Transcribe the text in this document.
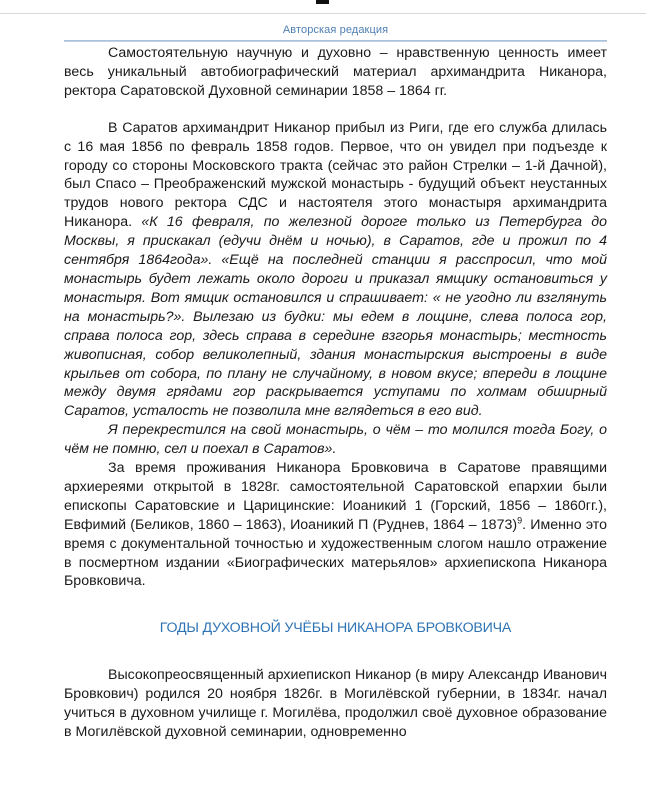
Авторская редакция

Самостоятельную научную и духовно – нравственную ценность имеет весь уникальный автобиографический материал архимандрита Никанора, ректора Саратовской Духовной семинарии 1858 – 1864 гг.

В Саратов архимандрит Никанор прибыл из Риги, где его служба длилась с 16 мая 1856 по февраль 1858 годов. Первое, что он увидел при подъезде к городу со стороны Московского тракта (сейчас это район Стрелки – 1-й Дачной), был Спасо – Преображенский мужской монастырь - будущий объект неустанных трудов нового ректора СДС и настоятеля этого монастыря архимандрита Никанора. «К 16 февраля, по железной дороге только из Петербурга до Москвы, я прискакал (едучи днём и ночью), в Саратов, где и прожил по 4 сентября 1864года». «Ещё на последней станции я расспросил, что мой монастырь будет лежать около дороги и приказал ямщику остановиться у монастыря. Вот ямщик остановился и спрашивает: « не угодно ли взглянуть на монастырь?». Вылезаю из будки: мы едем в лощине, слева полоса гор, справа полоса гор, здесь справа в середине взгорья монастырь; местность живописная, собор великолепный, здания монастырския выстроены в виде крыльев от собора, по плану не случайному, в новом вкусе; впереди в лощине между двумя грядами гор раскрывается уступами по холмам обширный Саратов, усталость не позволила мне вглядеться в его вид.

Я перекрестился на свой монастырь, о чём – то молился тогда Богу, о чём не помню, сел и поехал в Саратов».

За время проживания Никанора Бровковича в Саратове правящими архиереями открытой в 1828г. самостоятельной Саратовской епархии были епископы Саратовские и Царицинские: Иоаникий 1 (Горский, 1856 – 1860гг.), Евфимий (Беликов, 1860 – 1863), Иоаникий П (Руднев, 1864 – 1873)$^9$. Именно это время с документальной точностью и художественным слогом нашло отражение в посмертном издании «Биографических матерьялов» архиепископа Никанора Бровковича.

ГОДЫ ДУХОВНОЙ УЧЁБЫ НИКАНОРА БРОВКОВИЧА

Высокопреосвященный архиепископ Никанор (в миру Александр Иванович Бровкович) родился 20 ноября 1826г. в Могилёвской губернии, в 1834г. начал учиться в духовном училище г. Могилёва, продолжил своё духовное образование в Могилёвской духовной семинарии, одновременно
